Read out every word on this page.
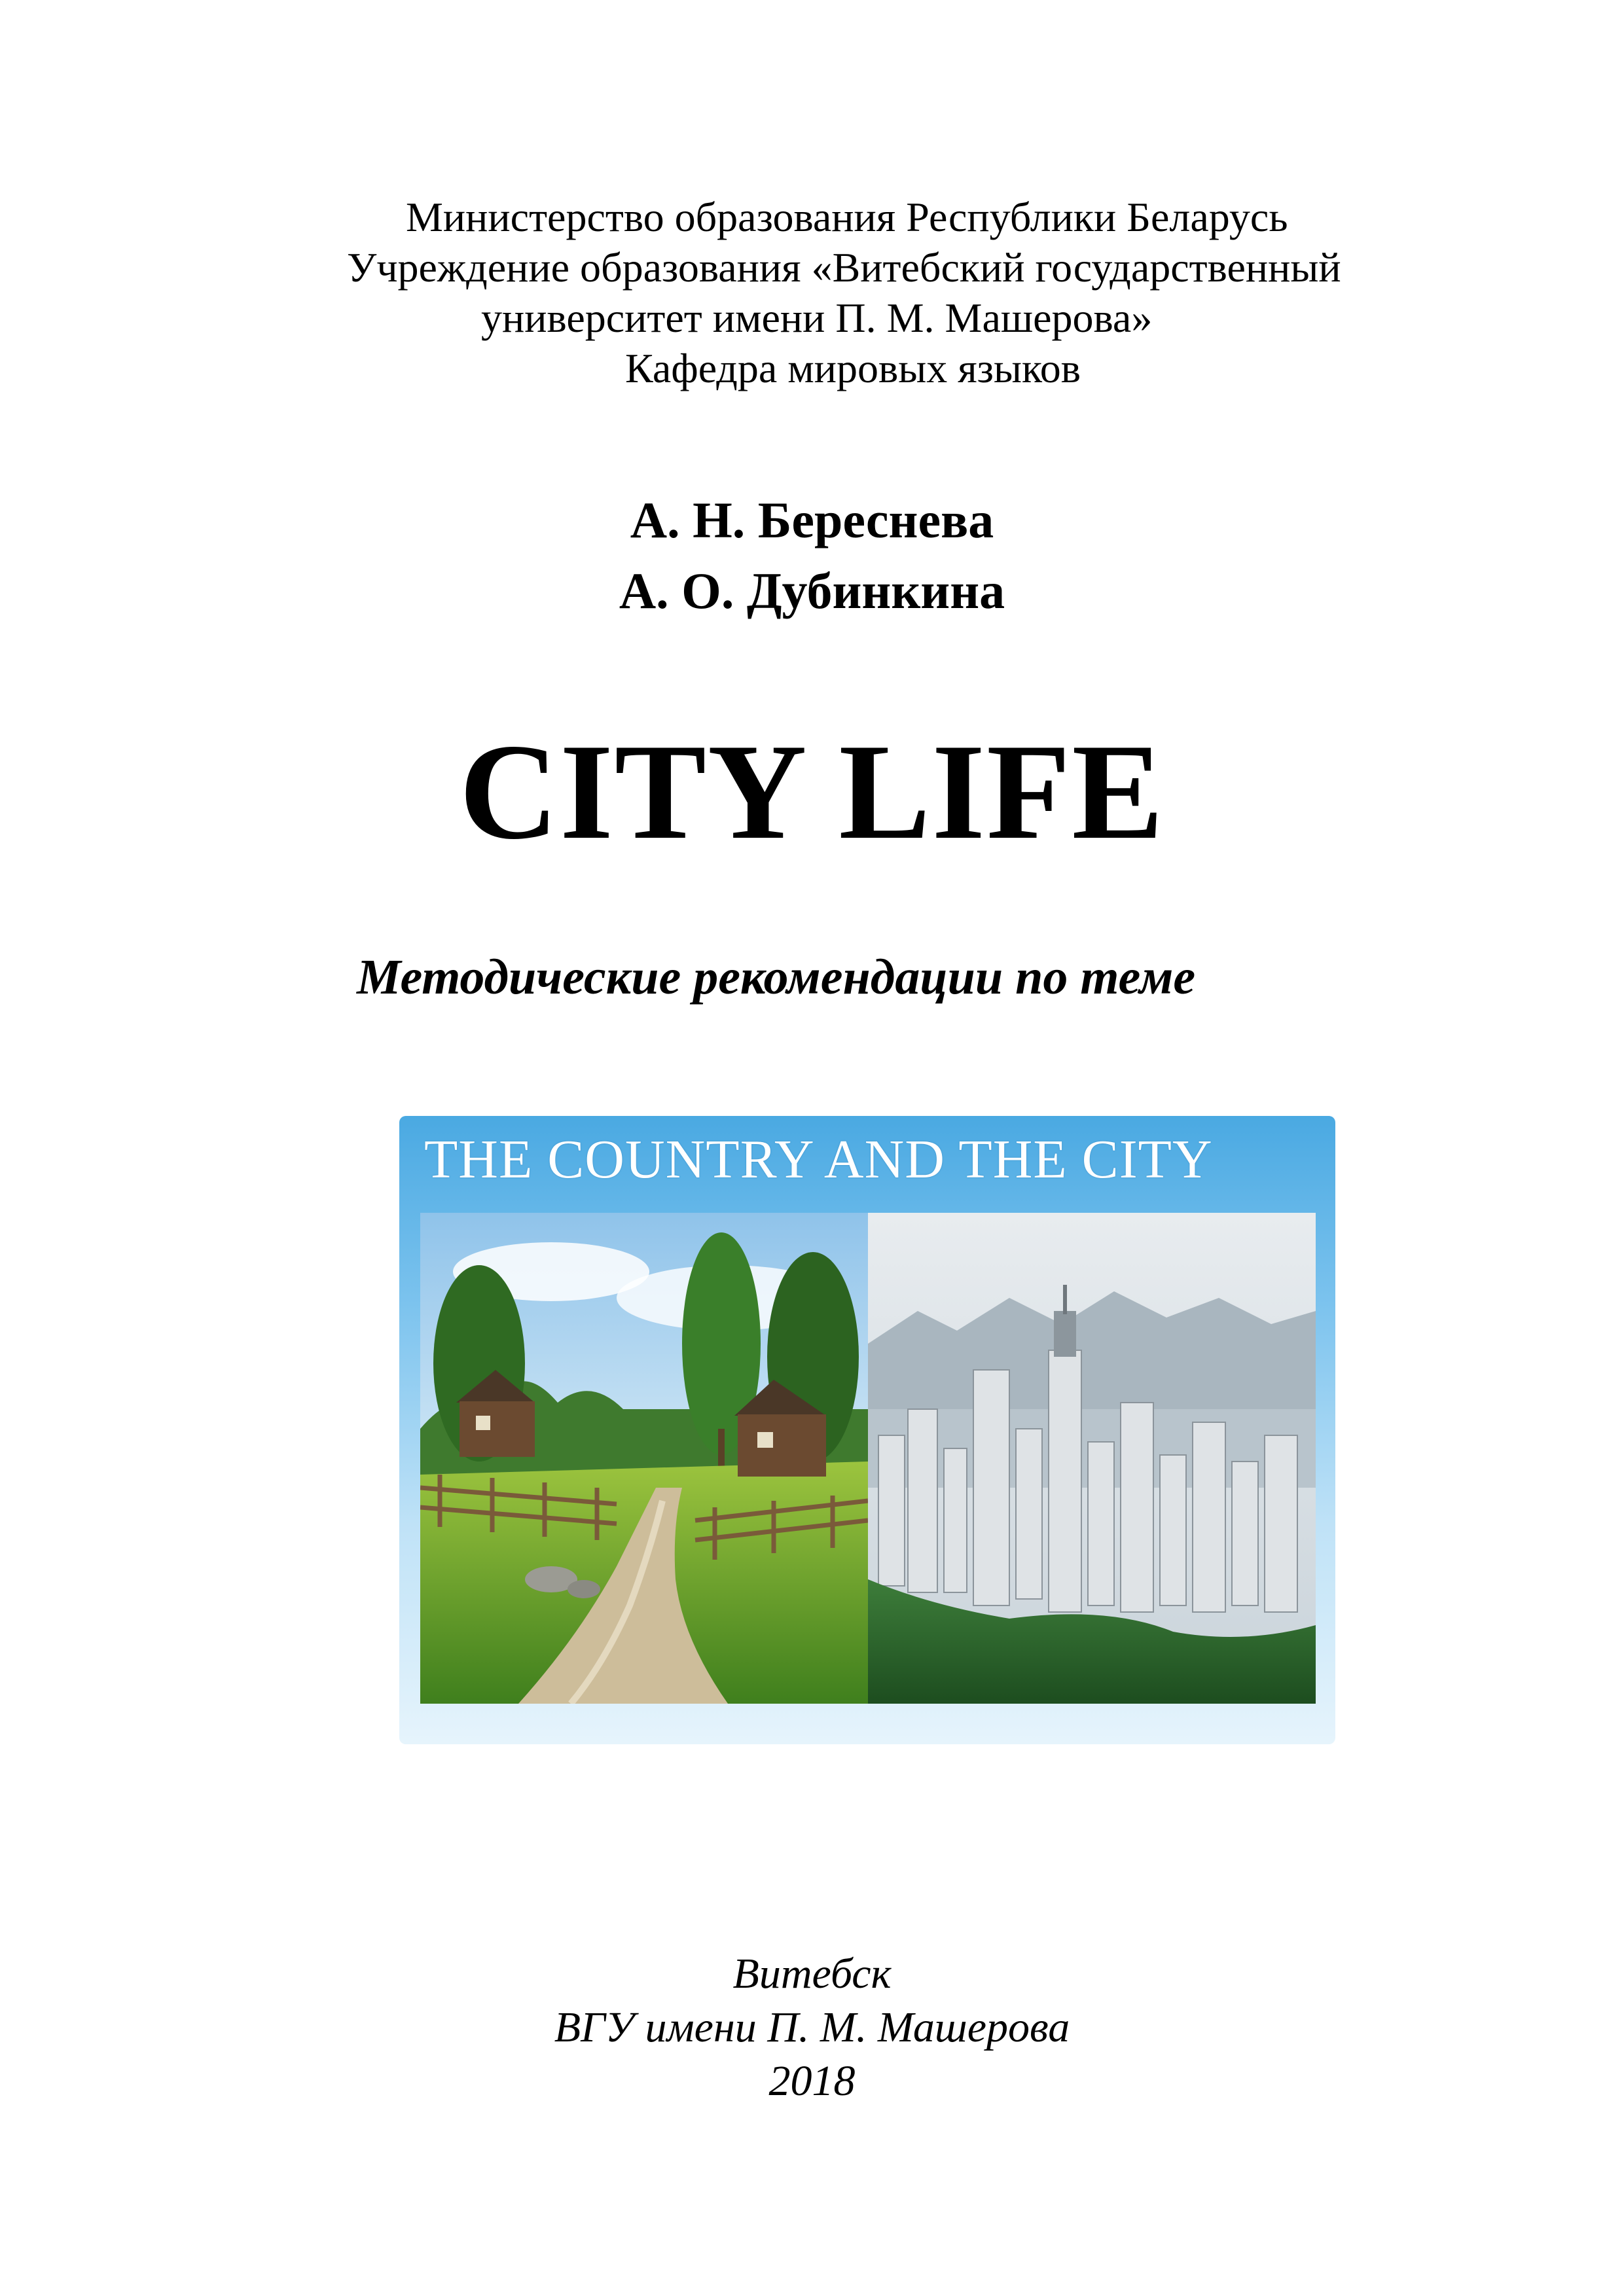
Министерство образования Республики Беларусь
Учреждение образования «Витебский государственный
университет имени П. М. Машерова»
Кафедра мировых языков
А. Н. Береснева
А. О. Дубинкина
CITY LIFE
Методические рекомендации по теме
THE COUNTRY AND THE CITY
Витебск
ВГУ имени П. М. Машерова
2018
